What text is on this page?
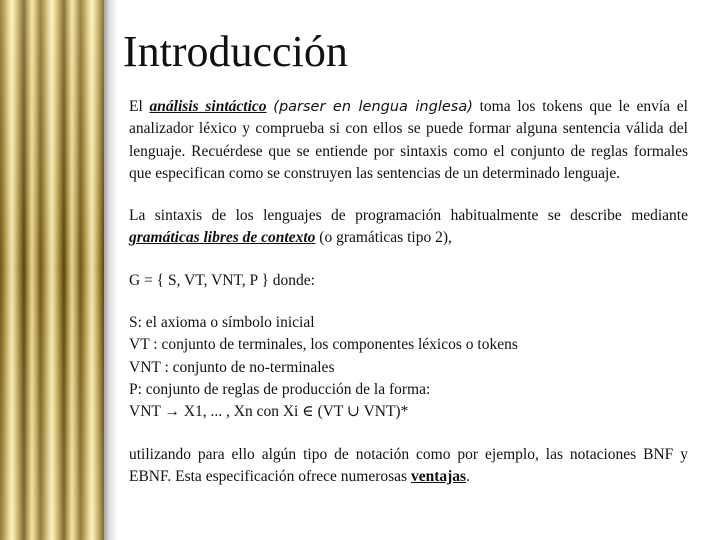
Introducción

El análisis sintáctico (parser en lengua inglesa) toma los tokens que le envía el analizador léxico y comprueba si con ellos se puede formar alguna sentencia válida del lenguaje. Recuérdese que se entiende por sintaxis como el conjunto de reglas formales que especifican como se construyen las sentencias de un determinado lenguaje.

La sintaxis de los lenguajes de programación habitualmente se describe mediante gramáticas libres de contexto (o gramáticas tipo 2),

G = { S, VT, VNT, P } donde:

S: el axioma o símbolo inicial
VT : conjunto de terminales, los componentes léxicos o tokens
VNT : conjunto de no-terminales
P: conjunto de reglas de producción de la forma:
VNT → X1, ... , Xn con Xi ∈ (VT ∪ VNT)*

utilizando para ello algún tipo de notación como por ejemplo, las notaciones BNF y EBNF. Esta especificación ofrece numerosas ventajas.
